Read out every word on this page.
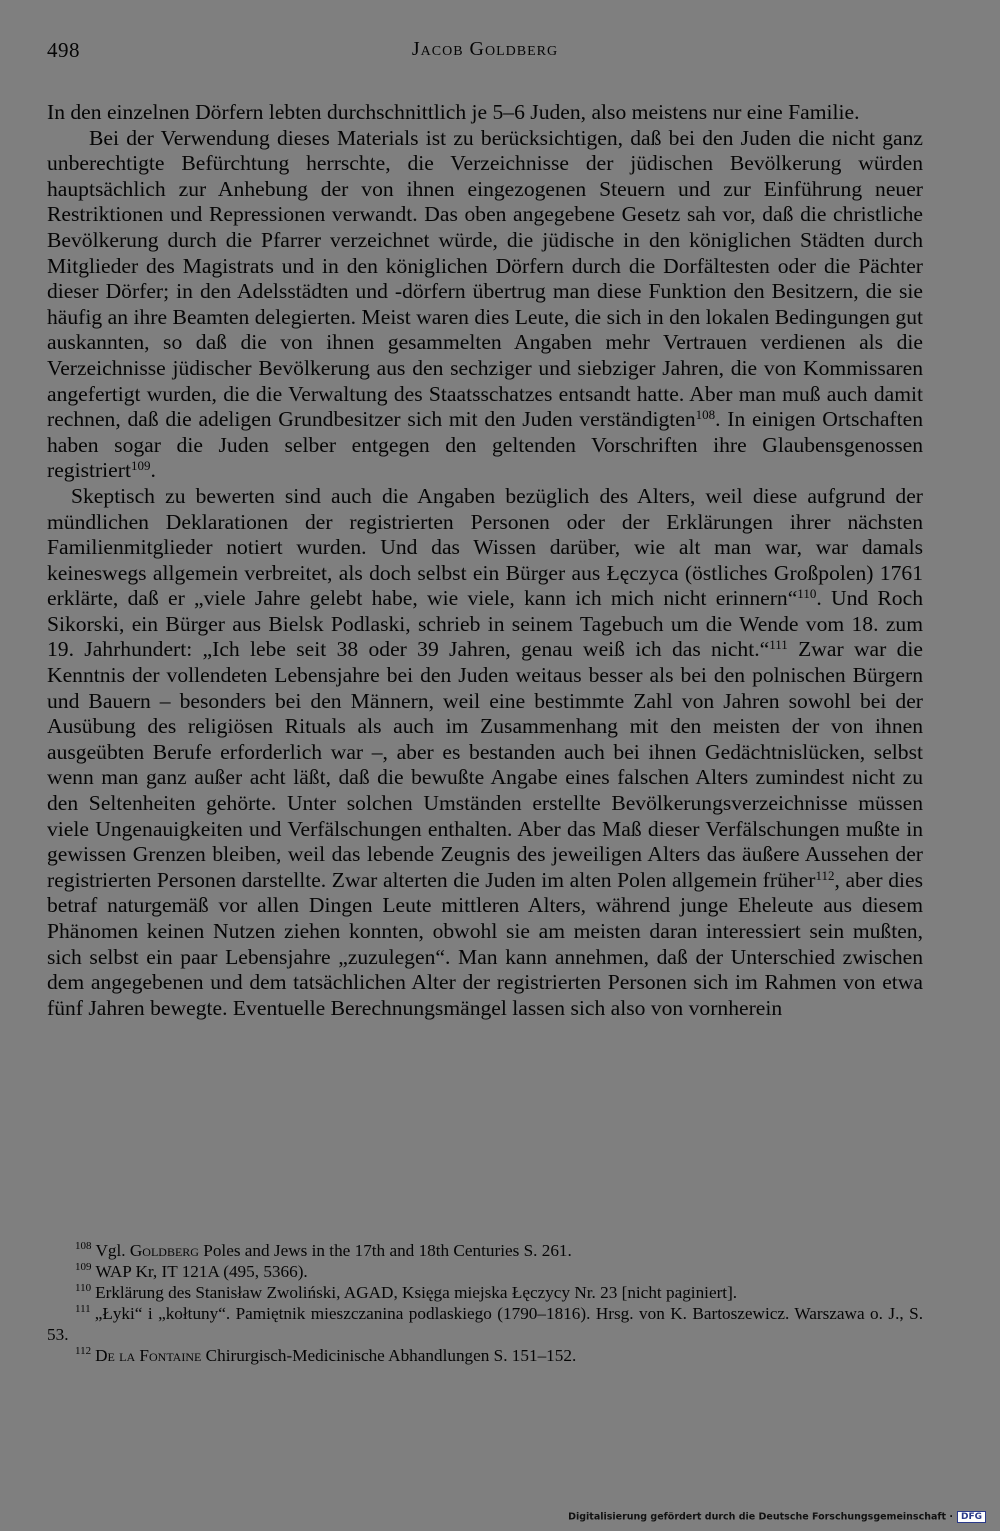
498	Jacob Goldberg

In den einzelnen Dörfern lebten durchschnittlich je 5–6 Juden, also meistens nur eine Familie.

Bei der Verwendung dieses Materials ist zu berücksichtigen, daß bei den Juden die nicht ganz unberechtigte Befürchtung herrschte, die Verzeichnisse der jüdischen Bevölkerung würden hauptsächlich zur Anhebung der von ihnen eingezogenen Steuern und zur Einführung neuer Restriktionen und Repressionen verwandt. Das oben angegebene Gesetz sah vor, daß die christliche Bevölkerung durch die Pfarrer verzeichnet würde, die jüdische in den königlichen Städten durch Mitglieder des Magistrats und in den königlichen Dörfern durch die Dorfältesten oder die Pächter dieser Dörfer; in den Adelsstädten und -dörfern übertrug man diese Funktion den Besitzern, die sie häufig an ihre Beamten delegierten. Meist waren dies Leute, die sich in den lokalen Bedingungen gut auskannten, so daß die von ihnen gesammelten Angaben mehr Vertrauen verdienen als die Verzeichnisse jüdischer Bevölkerung aus den sechziger und siebziger Jahren, die von Kommissaren angefertigt wurden, die die Verwaltung des Staatsschatzes entsandt hatte. Aber man muß auch damit rechnen, daß die adeligen Grundbesitzer sich mit den Juden verständigten$^{108}$. In einigen Ortschaften haben sogar die Juden selber entgegen den geltenden Vorschriften ihre Glaubensgenossen registriert$^{109}$.

Skeptisch zu bewerten sind auch die Angaben bezüglich des Alters, weil diese aufgrund der mündlichen Deklarationen der registrierten Personen oder der Erklärungen ihrer nächsten Familienmitglieder notiert wurden. Und das Wissen darüber, wie alt man war, war damals keineswegs allgemein verbreitet, als doch selbst ein Bürger aus Łęczyca (östliches Großpolen) 1761 erklärte, daß er „viele Jahre gelebt habe, wie viele, kann ich mich nicht erinnern“$^{110}$. Und Roch Sikorski, ein Bürger aus Bielsk Podlaski, schrieb in seinem Tagebuch um die Wende vom 18. zum 19. Jahrhundert: „Ich lebe seit 38 oder 39 Jahren, genau weiß ich das nicht.“$^{111}$ Zwar war die Kenntnis der vollendeten Lebensjahre bei den Juden weitaus besser als bei den polnischen Bürgern und Bauern – besonders bei den Männern, weil eine bestimmte Zahl von Jahren sowohl bei der Ausübung des religiösen Rituals als auch im Zusammenhang mit den meisten der von ihnen ausgeübten Berufe erforderlich war –, aber es bestanden auch bei ihnen Gedächtnislücken, selbst wenn man ganz außer acht läßt, daß die bewußte Angabe eines falschen Alters zumindest nicht zu den Seltenheiten gehörte. Unter solchen Umständen erstellte Bevölkerungsverzeichnisse müssen viele Ungenauigkeiten und Verfälschungen enthalten. Aber das Maß dieser Verfälschungen mußte in gewissen Grenzen bleiben, weil das lebende Zeugnis des jeweiligen Alters das äußere Aussehen der registrierten Personen darstellte. Zwar alterten die Juden im alten Polen allgemein früher$^{112}$, aber dies betraf naturgemäß vor allen Dingen Leute mittleren Alters, während junge Eheleute aus diesem Phänomen keinen Nutzen ziehen konnten, obwohl sie am meisten daran interessiert sein mußten, sich selbst ein paar Lebensjahre „zuzulegen“. Man kann annehmen, daß der Unterschied zwischen dem angegebenen und dem tatsächlichen Alter der registrierten Personen sich im Rahmen von etwa fünf Jahren bewegte. Eventuelle Berechnungsmängel lassen sich also von vornherein

$^{108}$ Vgl. Goldberg Poles and Jews in the 17th and 18th Centuries S. 261.
$^{109}$ WAP Kr, IT 121A (495, 5366).
$^{110}$ Erklärung des Stanisław Zwoliński, AGAD, Księga miejska Łęczycy Nr. 23 [nicht paginiert].
$^{111}$ „Łyki“ i „kołtuny“. Pamiętnik mieszczanina podlaskiego (1790–1816). Hrsg. von K. Bartoszewicz. Warszawa o. J., S. 53.
$^{112}$ De la Fontaine Chirurgisch-Medicinische Abhandlungen S. 151–152.
Digitalisierung gefördert durch die Deutsche Forschungsgemeinschaft · DFG
